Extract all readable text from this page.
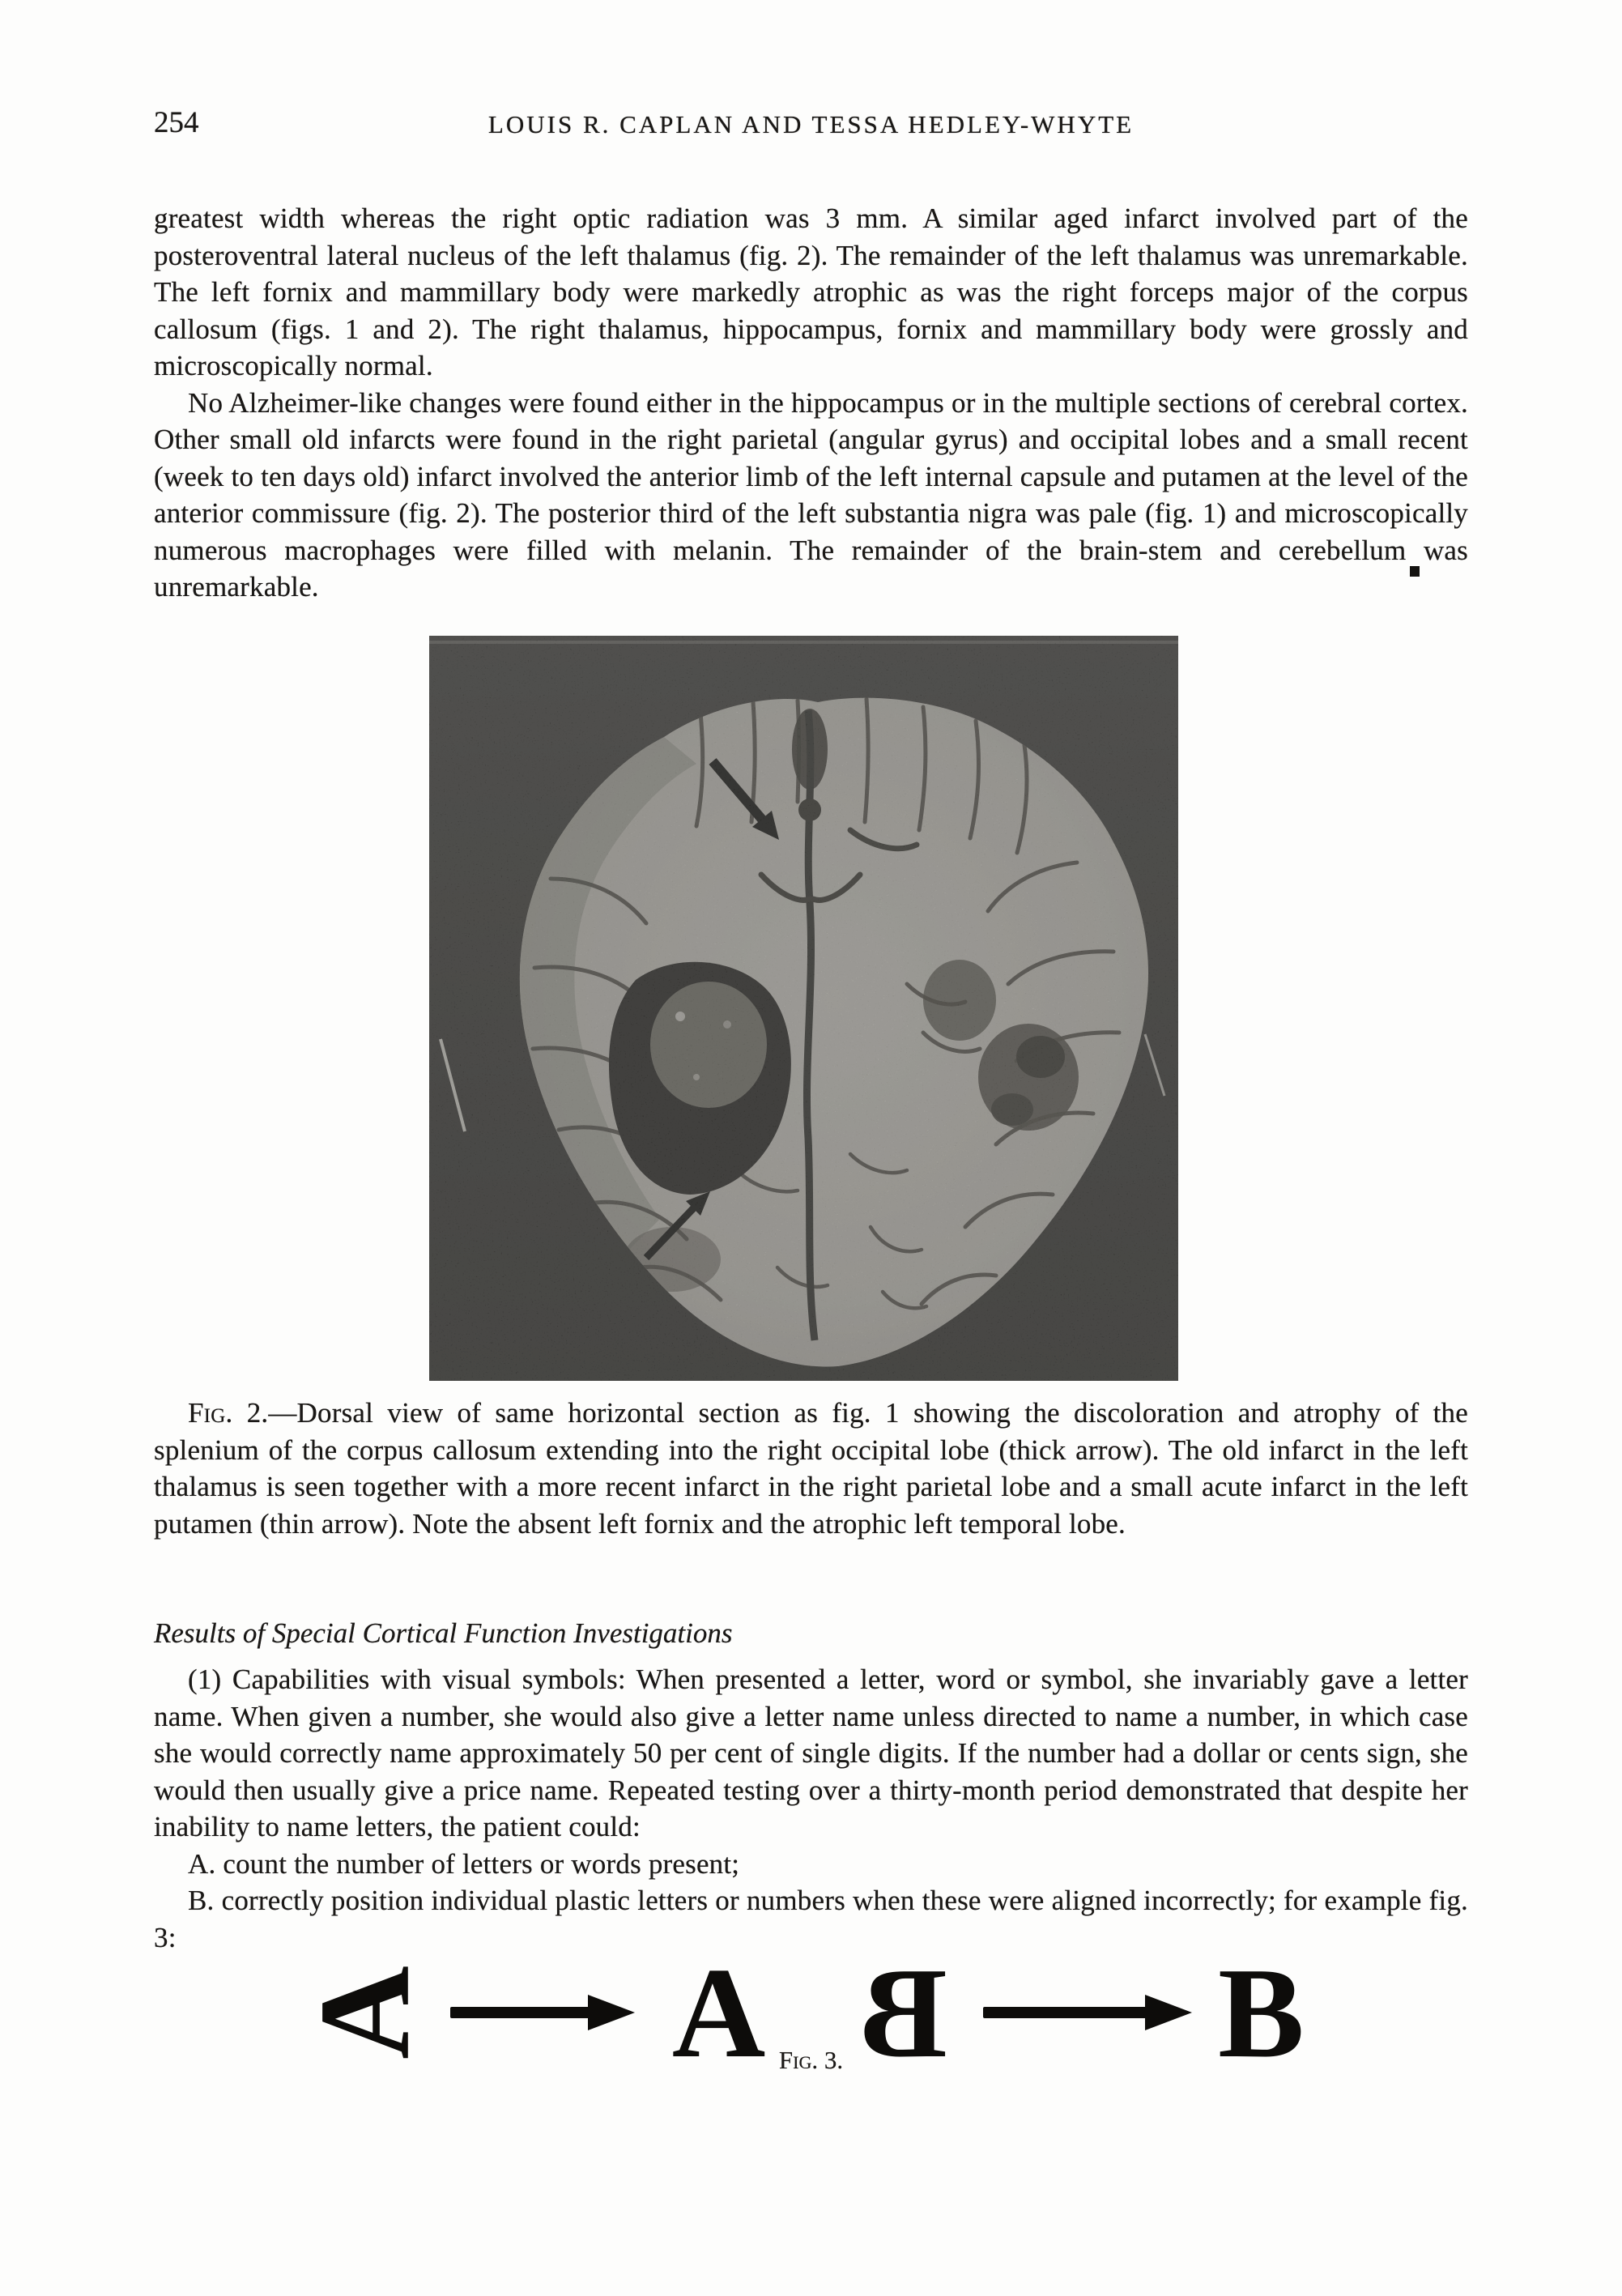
254	LOUIS R. CAPLAN AND TESSA HEDLEY-WHYTE

greatest width whereas the right optic radiation was 3 mm. A similar aged infarct involved part of the posteroventral lateral nucleus of the left thalamus (fig. 2). The remainder of the left thalamus was unremarkable. The left fornix and mammillary body were markedly atrophic as was the right forceps major of the corpus callosum (figs. 1 and 2). The right thalamus, hippocampus, fornix and mammillary body were grossly and microscopically normal.

No Alzheimer-like changes were found either in the hippocampus or in the multiple sections of cerebral cortex. Other small old infarcts were found in the right parietal (angular gyrus) and occipital lobes and a small recent (week to ten days old) infarct involved the anterior limb of the left internal capsule and putamen at the level of the anterior commissure (fig. 2). The posterior third of the left substantia nigra was pale (fig. 1) and microscopically numerous macrophages were filled with melanin. The remainder of the brain-stem and cerebellum was unremarkable.

Fig. 2.—Dorsal view of same horizontal section as fig. 1 showing the discoloration and atrophy of the splenium of the corpus callosum extending into the right occipital lobe (thick arrow). The old infarct in the left thalamus is seen together with a more recent infarct in the right parietal lobe and a small acute infarct in the left putamen (thin arrow). Note the absent left fornix and the atrophic left temporal lobe.

Results of Special Cortical Function Investigations

(1) Capabilities with visual symbols: When presented a letter, word or symbol, she invariably gave a letter name. When given a number, she would also give a letter name unless directed to name a number, in which case she would correctly name approximately 50 per cent of single digits. If the number had a dollar or cents sign, she would then usually give a price name. Repeated testing over a thirty-month period demonstrated that despite her inability to name letters, the patient could:

A. count the number of letters or words present;

B. correctly position individual plastic letters or numbers when these were aligned incorrectly; for example fig. 3:

A A B B
Fig. 3.
